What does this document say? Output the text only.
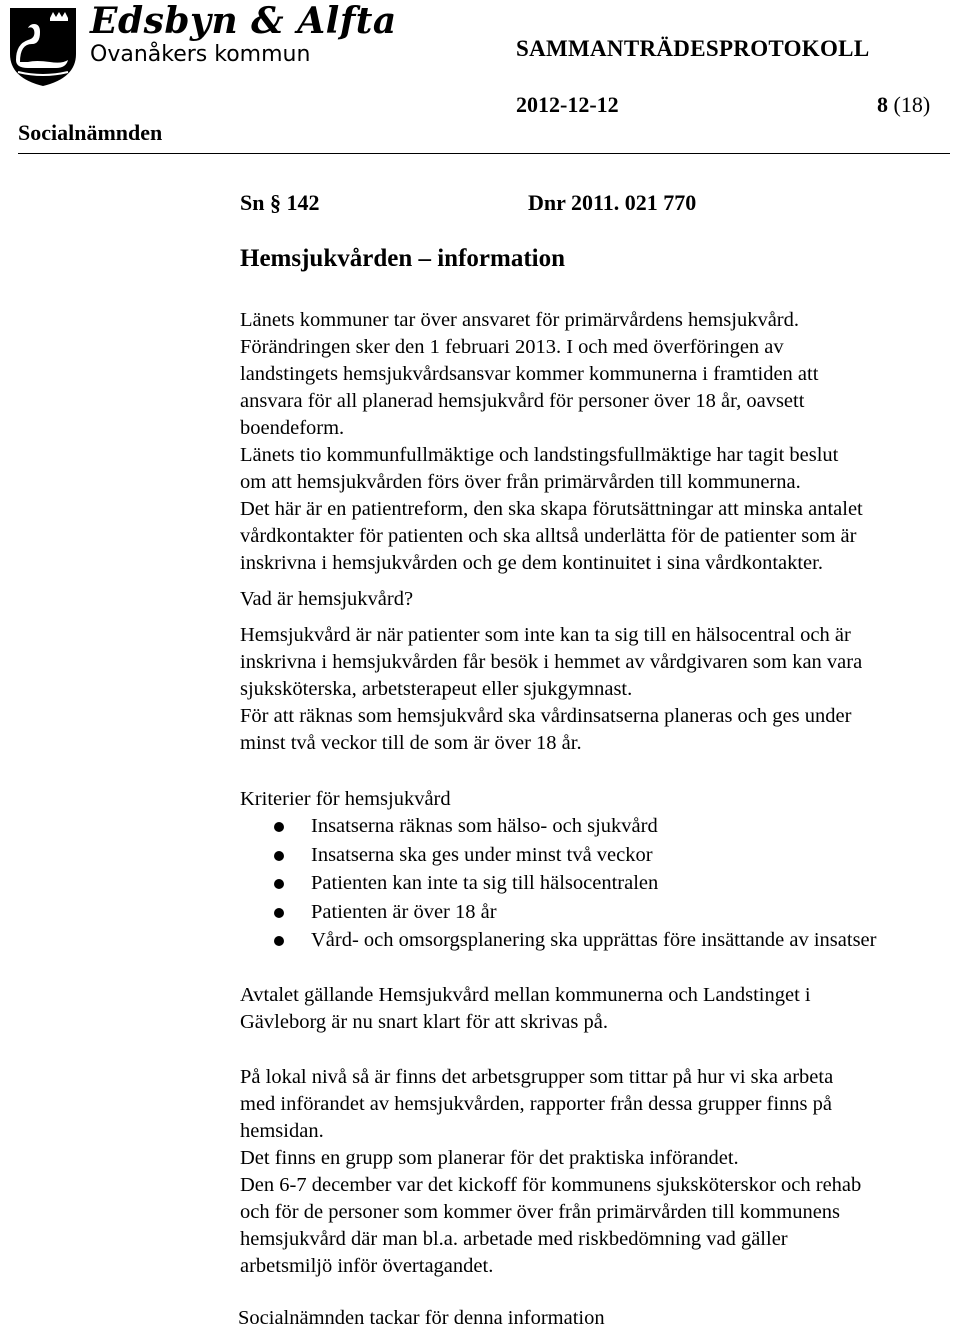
Edsbyn & Alfta
Ovanåkers kommun	SAMMANTRÄDESPROTOKOLL
2012-12-12	8 (18)
Socialnämnden
Sn § 142	Dnr 2011. 021 770
Hemsjukvården – information
Länets kommuner tar över ansvaret för primärvårdens hemsjukvård.
Förändringen sker den 1 februari 2013. I och med överföringen av
landstingets hemsjukvårdsansvar kommer kommunerna i framtiden att
ansvara för all planerad hemsjukvård för personer över 18 år, oavsett
boendeform.
Länets tio kommunfullmäktige och landstingsfullmäktige har tagit beslut
om att hemsjukvården förs över från primärvården till kommunerna.
Det här är en patientreform, den ska skapa förutsättningar att minska antalet
vårdkontakter för patienten och ska alltså underlätta för de patienter som är
inskrivna i hemsjukvården och ge dem kontinuitet i sina vårdkontakter.
Vad är hemsjukvård?
Hemsjukvård är när patienter som inte kan ta sig till en hälsocentral och är
inskrivna i hemsjukvården får besök i hemmet av vårdgivaren som kan vara
sjuksköterska, arbetsterapeut eller sjukgymnast.
För att räknas som hemsjukvård ska vårdinsatserna planeras och ges under
minst två veckor till de som är över 18 år.
Kriterier för hemsjukvård
Insatserna räknas som hälso- och sjukvård
Insatserna ska ges under minst två veckor
Patienten kan inte ta sig till hälsocentralen
Patienten är över 18 år
Vård- och omsorgsplanering ska upprättas före insättande av insatser
Avtalet gällande Hemsjukvård mellan kommunerna och Landstinget i
Gävleborg är nu snart klart för att skrivas på.
På lokal nivå så är finns det arbetsgrupper som tittar på hur vi ska arbeta
med införandet av hemsjukvården, rapporter från dessa grupper finns på
hemsidan.
Det finns en grupp som planerar för det praktiska införandet.
Den 6-7 december var det kickoff för kommunens sjuksköterskor och rehab
och för de personer som kommer över från primärvården till kommunens
hemsjukvård där man bl.a. arbetade med riskbedömning vad gäller
arbetsmiljö inför övertagandet.
Socialnämnden tackar för denna information
